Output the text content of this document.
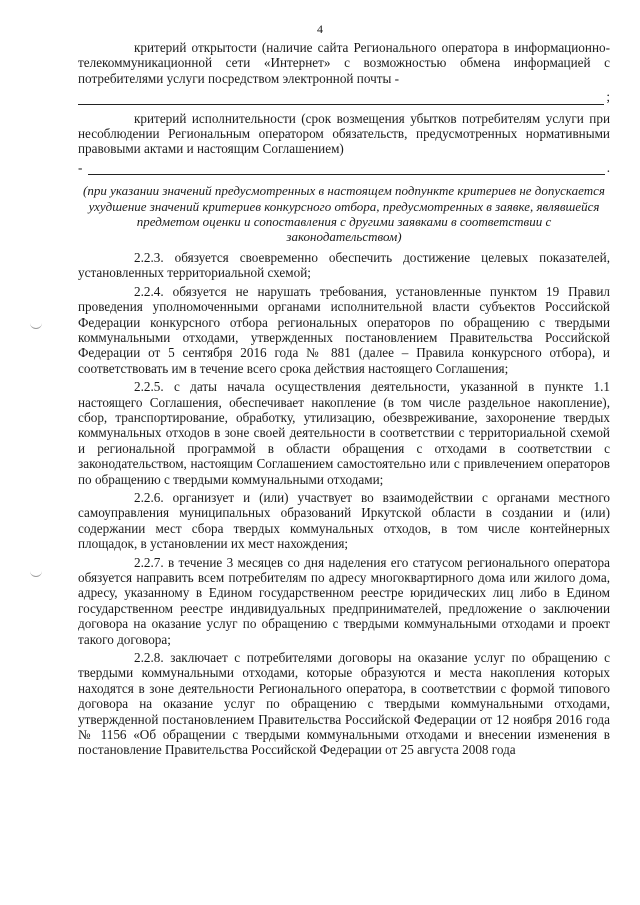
4

критерий открытости (наличие сайта Регионального оператора в информационно-телекоммуникационной сети «Интернет» с возможностью обмена информацией с потребителями услуги посредством электронной почты -

;

критерий исполнительности (срок возмещения убытков потребителям услуги при несоблюдении Региональным оператором обязательств, предусмотренных нормативными правовыми актами и настоящим Соглашением)

-	.

(при указании значений предусмотренных в настоящем подпункте критериев не допускается ухудшение значений критериев конкурсного отбора, предусмотренных в заявке, являвшейся предметом оценки и сопоставления с другими заявками в соответствии с законодательством)

2.2.3. обязуется своевременно обеспечить достижение целевых показателей, установленных территориальной схемой;

2.2.4. обязуется не нарушать требования, установленные пунктом 19 Правил проведения уполномоченными органами исполнительной власти субъектов Российской Федерации конкурсного отбора региональных операторов по обращению с твердыми коммунальными отходами, утвержденных постановлением Правительства Российской Федерации от 5 сентября 2016 года № 881 (далее – Правила конкурсного отбора), и соответствовать им в течение всего срока действия настоящего Соглашения;

2.2.5. с даты начала осуществления деятельности, указанной в пункте 1.1 настоящего Соглашения, обеспечивает накопление (в том числе раздельное накопление), сбор, транспортирование, обработку, утилизацию, обезвреживание, захоронение твердых коммунальных отходов в зоне своей деятельности в соответствии с территориальной схемой и региональной программой в области обращения с отходами в соответствии с законодательством, настоящим Соглашением самостоятельно или с привлечением операторов по обращению с твердыми коммунальными отходами;

2.2.6. организует и (или) участвует во взаимодействии с органами местного самоуправления муниципальных образований Иркутской области в создании и (или) содержании мест сбора твердых коммунальных отходов, в том числе контейнерных площадок, в установлении их мест нахождения;

2.2.7. в течение 3 месяцев со дня наделения его статусом регионального оператора обязуется направить всем потребителям по адресу многоквартирного дома или жилого дома, адресу, указанному в Едином государственном реестре юридических лиц либо в Едином государственном реестре индивидуальных предпринимателей, предложение о заключении договора на оказание услуг по обращению с твердыми коммунальными отходами и проект такого договора;

2.2.8. заключает с потребителями договоры на оказание услуг по обращению с твердыми коммунальными отходами, которые образуются и места накопления которых находятся в зоне деятельности Регионального оператора, в соответствии с формой типового договора на оказание услуг по обращению с твердыми коммунальными отходами, утвержденной постановлением Правительства Российской Федерации от 12 ноября 2016 года № 1156 «Об обращении с твердыми коммунальными отходами и внесении изменения в постановление Правительства Российской Федерации от 25 августа 2008 года
